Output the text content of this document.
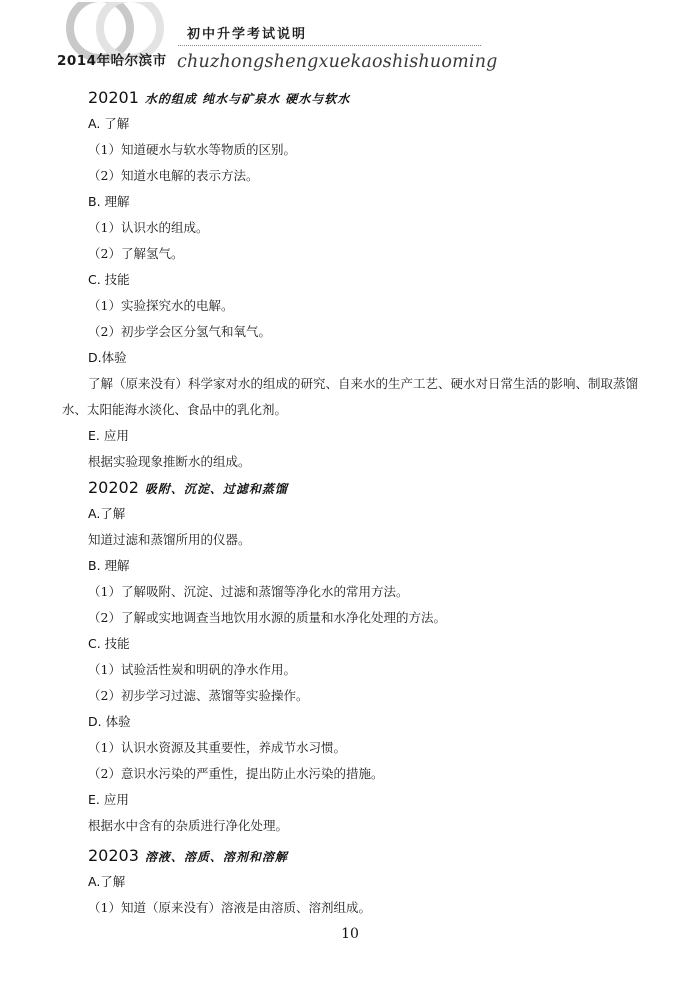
2014年哈尔滨市
初中升学考试说明
chuzhongshengxuekaoshishuoming
20201 水的组成 纯水与矿泉水 硬水与软水
A. 了解
（1）知道硬水与软水等物质的区别。
（2）知道水电解的表示方法。
B. 理解
（1）认识水的组成。
（2）了解氢气。
C. 技能
（1）实验探究水的电解。
（2）初步学会区分氢气和氧气。
D.体验
了解（原来没有）科学家对水的组成的研究、自来水的生产工艺、硬水对日常生活的影响、制取蒸馏水、太阳能海水淡化、食品中的乳化剂。
E. 应用
根据实验现象推断水的组成。
20202 吸附、沉淀、过滤和蒸馏
A.了解
知道过滤和蒸馏所用的仪器。
B. 理解
（1）了解吸附、沉淀、过滤和蒸馏等净化水的常用方法。
（2）了解或实地调查当地饮用水源的质量和水净化处理的方法。
C. 技能
（1）试验活性炭和明矾的净水作用。
（2）初步学习过滤、蒸馏等实验操作。
D. 体验
（1）认识水资源及其重要性，养成节水习惯。
（2）意识水污染的严重性，提出防止水污染的措施。
E. 应用
根据水中含有的杂质进行净化处理。
20203 溶液、溶质、溶剂和溶解
A.了解
（1）知道（原来没有）溶液是由溶质、溶剂组成。
10
